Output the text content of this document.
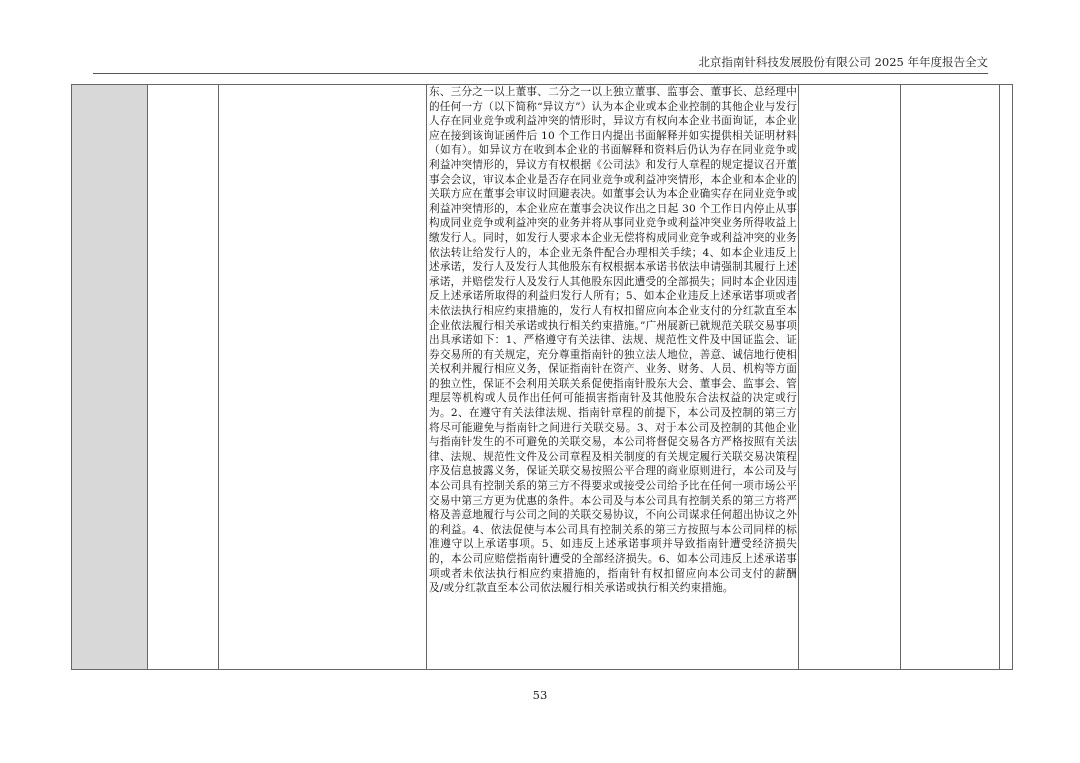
北京指南针科技发展股份有限公司 2025 年年度报告全文

东、三分之一以上董事、二分之一以上独立董事、监事会、董事长、总经理中的任何一方（以下简称“异议方”）认为本企业或本企业控制的其他企业与发行人存在同业竞争或利益冲突的情形时，异议方有权向本企业书面询证，本企业应在接到该询证函件后 10 个工作日内提出书面解释并如实提供相关证明材料（如有）。如异议方在收到本企业的书面解释和资料后仍认为存在同业竞争或利益冲突情形的，异议方有权根据《公司法》和发行人章程的规定提议召开董事会会议，审议本企业是否存在同业竞争或利益冲突情形，本企业和本企业的关联方应在董事会审议时回避表决。如董事会认为本企业确实存在同业竞争或利益冲突情形的，本企业应在董事会决议作出之日起 30 个工作日内停止从事构成同业竞争或利益冲突的业务并将从事同业竞争或利益冲突业务所得收益上缴发行人。同时，如发行人要求本企业无偿将构成同业竞争或利益冲突的业务依法转让给发行人的，本企业无条件配合办理相关手续；4、如本企业违反上述承诺，发行人及发行人其他股东有权根据本承诺书依法申请强制其履行上述承诺，并赔偿发行人及发行人其他股东因此遭受的全部损失；同时本企业因违反上述承诺所取得的利益归发行人所有；5、如本企业违反上述承诺事项或者未依法执行相应约束措施的，发行人有权扣留应向本企业支付的分红款直至本企业依法履行相关承诺或执行相关约束措施。”广州展新已就规范关联交易事项出具承诺如下：1、严格遵守有关法律、法规、规范性文件及中国证监会、证券交易所的有关规定，充分尊重指南针的独立法人地位，善意、诚信地行使相关权利并履行相应义务，保证指南针在资产、业务、财务、人员、机构等方面的独立性，保证不会利用关联关系促使指南针股东大会、董事会、监事会、管理层等机构或人员作出任何可能损害指南针及其他股东合法权益的决定或行为。2、在遵守有关法律法规、指南针章程的前提下，本公司及控制的第三方将尽可能避免与指南针之间进行关联交易。3、对于本公司及控制的其他企业与指南针发生的不可避免的关联交易，本公司将督促交易各方严格按照有关法律、法规、规范性文件及公司章程及相关制度的有关规定履行关联交易决策程序及信息披露义务，保证关联交易按照公平合理的商业原则进行，本公司及与本公司具有控制关系的第三方不得要求或接受公司给予比在任何一项市场公平交易中第三方更为优惠的条件。本公司及与本公司具有控制关系的第三方将严格及善意地履行与公司之间的关联交易协议，不向公司谋求任何超出协议之外的利益。4、依法促使与本公司具有控制关系的第三方按照与本公司同样的标准遵守以上承诺事项。5、如违反上述承诺事项并导致指南针遭受经济损失的，本公司应赔偿指南针遭受的全部经济损失。6、如本公司违反上述承诺事项或者未依法执行相应约束措施的，指南针有权扣留应向本公司支付的薪酬及/或分红款直至本公司依法履行相关承诺或执行相关约束措施。

53
